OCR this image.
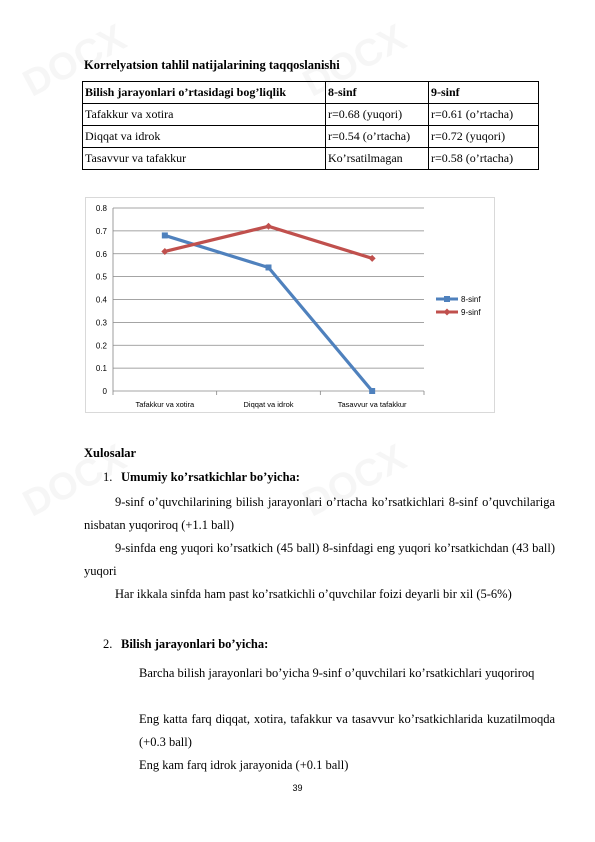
Korrelyatsion tahlil natijalarining taqqoslanishi
Bilish jarayonlari o’rtasidagi bog’liqlik	8-sinf	9-sinf
Tafakkur va xotira	r=0.68 (yuqori)	r=0.61 (o’rtacha)
Diqqat va idrok	r=0.54 (o’rtacha)	r=0.72 (yuqori)
Tasavvur va tafakkur	Ko’rsatilmagan	r=0.58 (o’rtacha)
0
0.1
0.2
0.3
0.4
0.5
0.6
0.7
0.8
Tafakkur va xotira	Diqqat va idrok	Tasavvur va tafakkur
8-sinf
9-sinf
Xulosalar
1. Umumiy ko’rsatkichlar bo’yicha:
9-sinf o’quvchilarining bilish jarayonlari o’rtacha ko’rsatkichlari 8-sinf o’quvchilariga nisbatan yuqoriroq (+1.1 ball)
9-sinfda eng yuqori ko’rsatkich (45 ball) 8-sinfdagi eng yuqori ko’rsatkichdan (43 ball) yuqori
Har ikkala sinfda ham past ko’rsatkichli o’quvchilar foizi deyarli bir xil (5-6%)
2. Bilish jarayonlari bo’yicha:
Barcha bilish jarayonlari bo’yicha 9-sinf o’quvchilari ko’rsatkichlari yuqoriroq
Eng katta farq diqqat, xotira, tafakkur va tasavvur ko’rsatkichlarida kuzatilmoqda (+0.3 ball)
Eng kam farq idrok jarayonida (+0.1 ball)
39
